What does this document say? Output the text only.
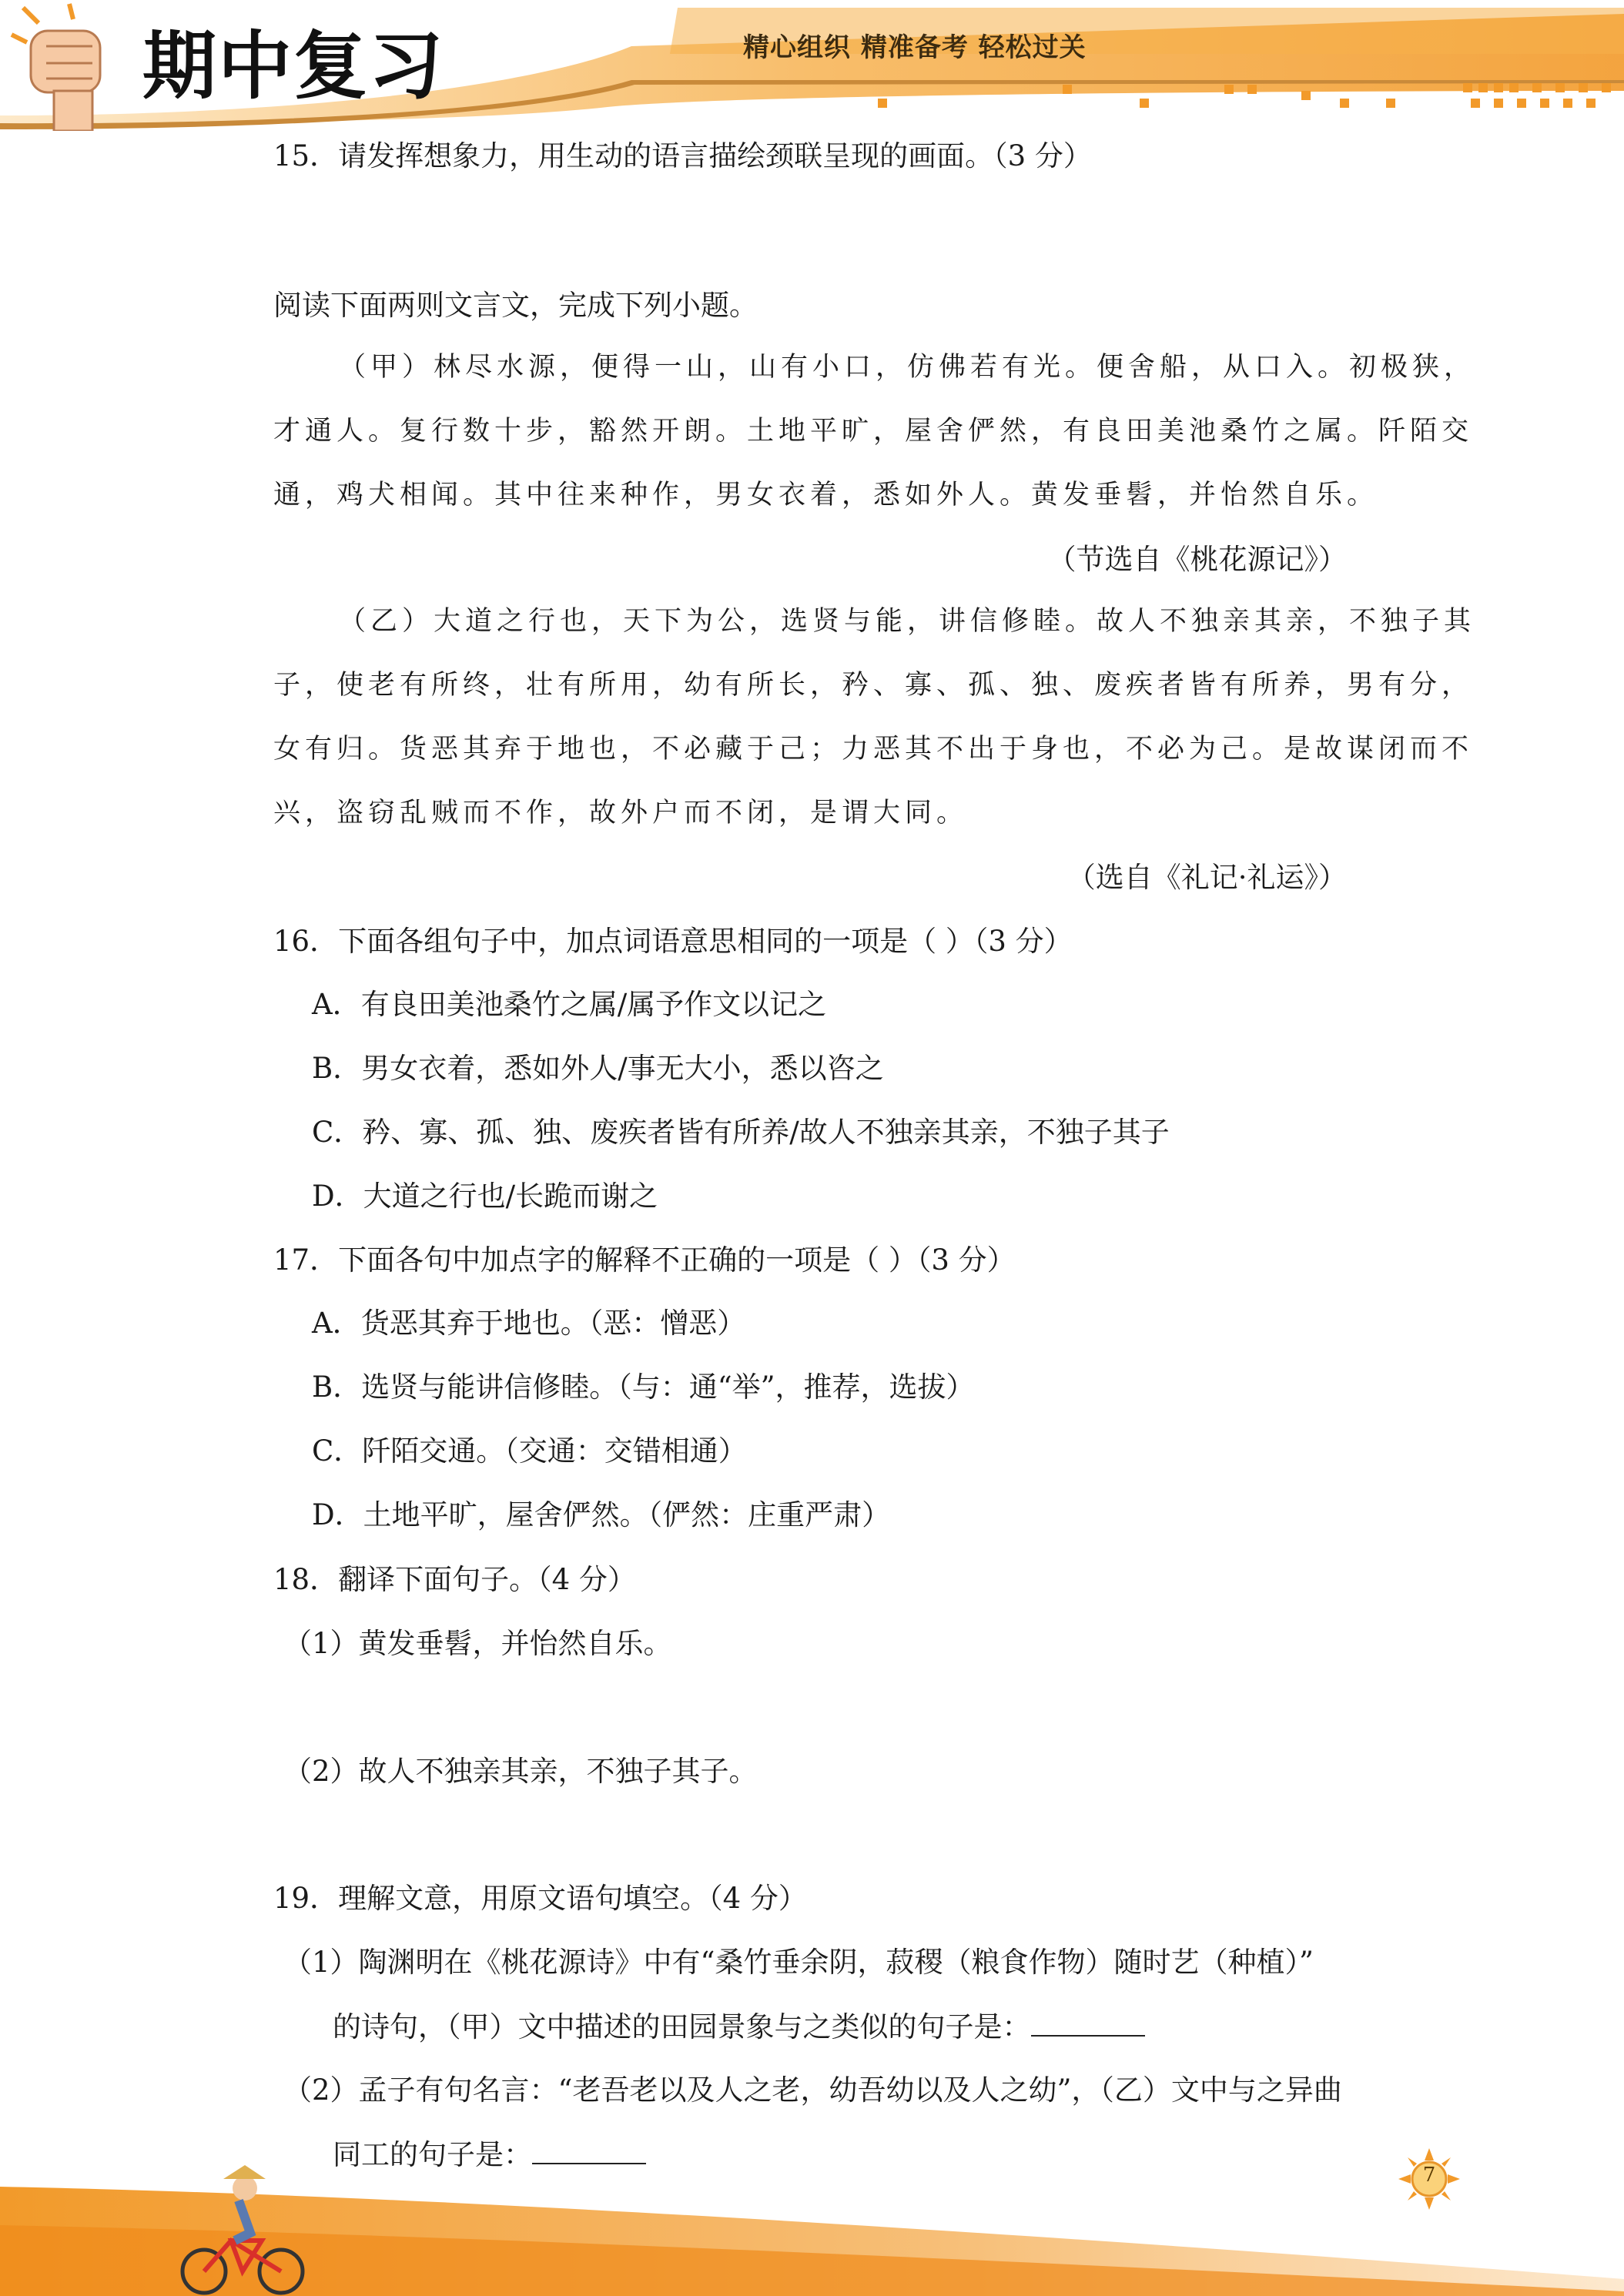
期中复习	精心组织 精准备考 轻松过关
15．请发挥想象力，用生动的语言描绘颈联呈现的画面。（3 分）
阅读下面两则文言文，完成下列小题。
（甲）林尽水源，便得一山，山有小口，仿佛若有光。便舍船，从口入。初极狭，
才通人。复行数十步，豁然开朗。土地平旷，屋舍俨然，有良田美池桑竹之属。阡陌交
通，鸡犬相闻。其中往来种作，男女衣着，悉如外人。黄发垂髫，并怡然自乐。
（节选自《桃花源记》）
（乙）大道之行也，天下为公，选贤与能，讲信修睦。故人不独亲其亲，不独子其
子，使老有所终，壮有所用，幼有所长，矜、寡、孤、独、废疾者皆有所养，男有分，
女有归。货恶其弃于地也，不必藏于己；力恶其不出于身也，不必为己。是故谋闭而不
兴，盗窃乱贼而不作，故外户而不闭，是谓大同。
（选自《礼记·礼运》）
16．下面各组句子中，加点词语意思相同的一项是（ ）（3 分）
A．有良田美池桑竹之属/属予作文以记之
B．男女衣着，悉如外人/事无大小，悉以咨之
C．矜、寡、孤、独、废疾者皆有所养/故人不独亲其亲，不独子其子
D．大道之行也/长跪而谢之
17．下面各句中加点字的解释不正确的一项是（ ）（3 分）
A．货恶其弃于地也。（恶：憎恶）
B．选贤与能讲信修睦。（与：通“举”，推荐，选拔）
C．阡陌交通。（交通：交错相通）
D．土地平旷，屋舍俨然。（俨然：庄重严肃）
18．翻译下面句子。（4 分）
（1）黄发垂髫，并怡然自乐。
（2）故人不独亲其亲，不独子其子。
19．理解文意，用原文语句填空。（4 分）
（1）陶渊明在《桃花源诗》中有“桑竹垂余阴，菽稷（粮食作物）随时艺（种植）”
的诗句，（甲）文中描述的田园景象与之类似的句子是：
（2）孟子有句名言：“老吾老以及人之老，幼吾幼以及人之幼”，（乙）文中与之异曲
同工的句子是：
7
